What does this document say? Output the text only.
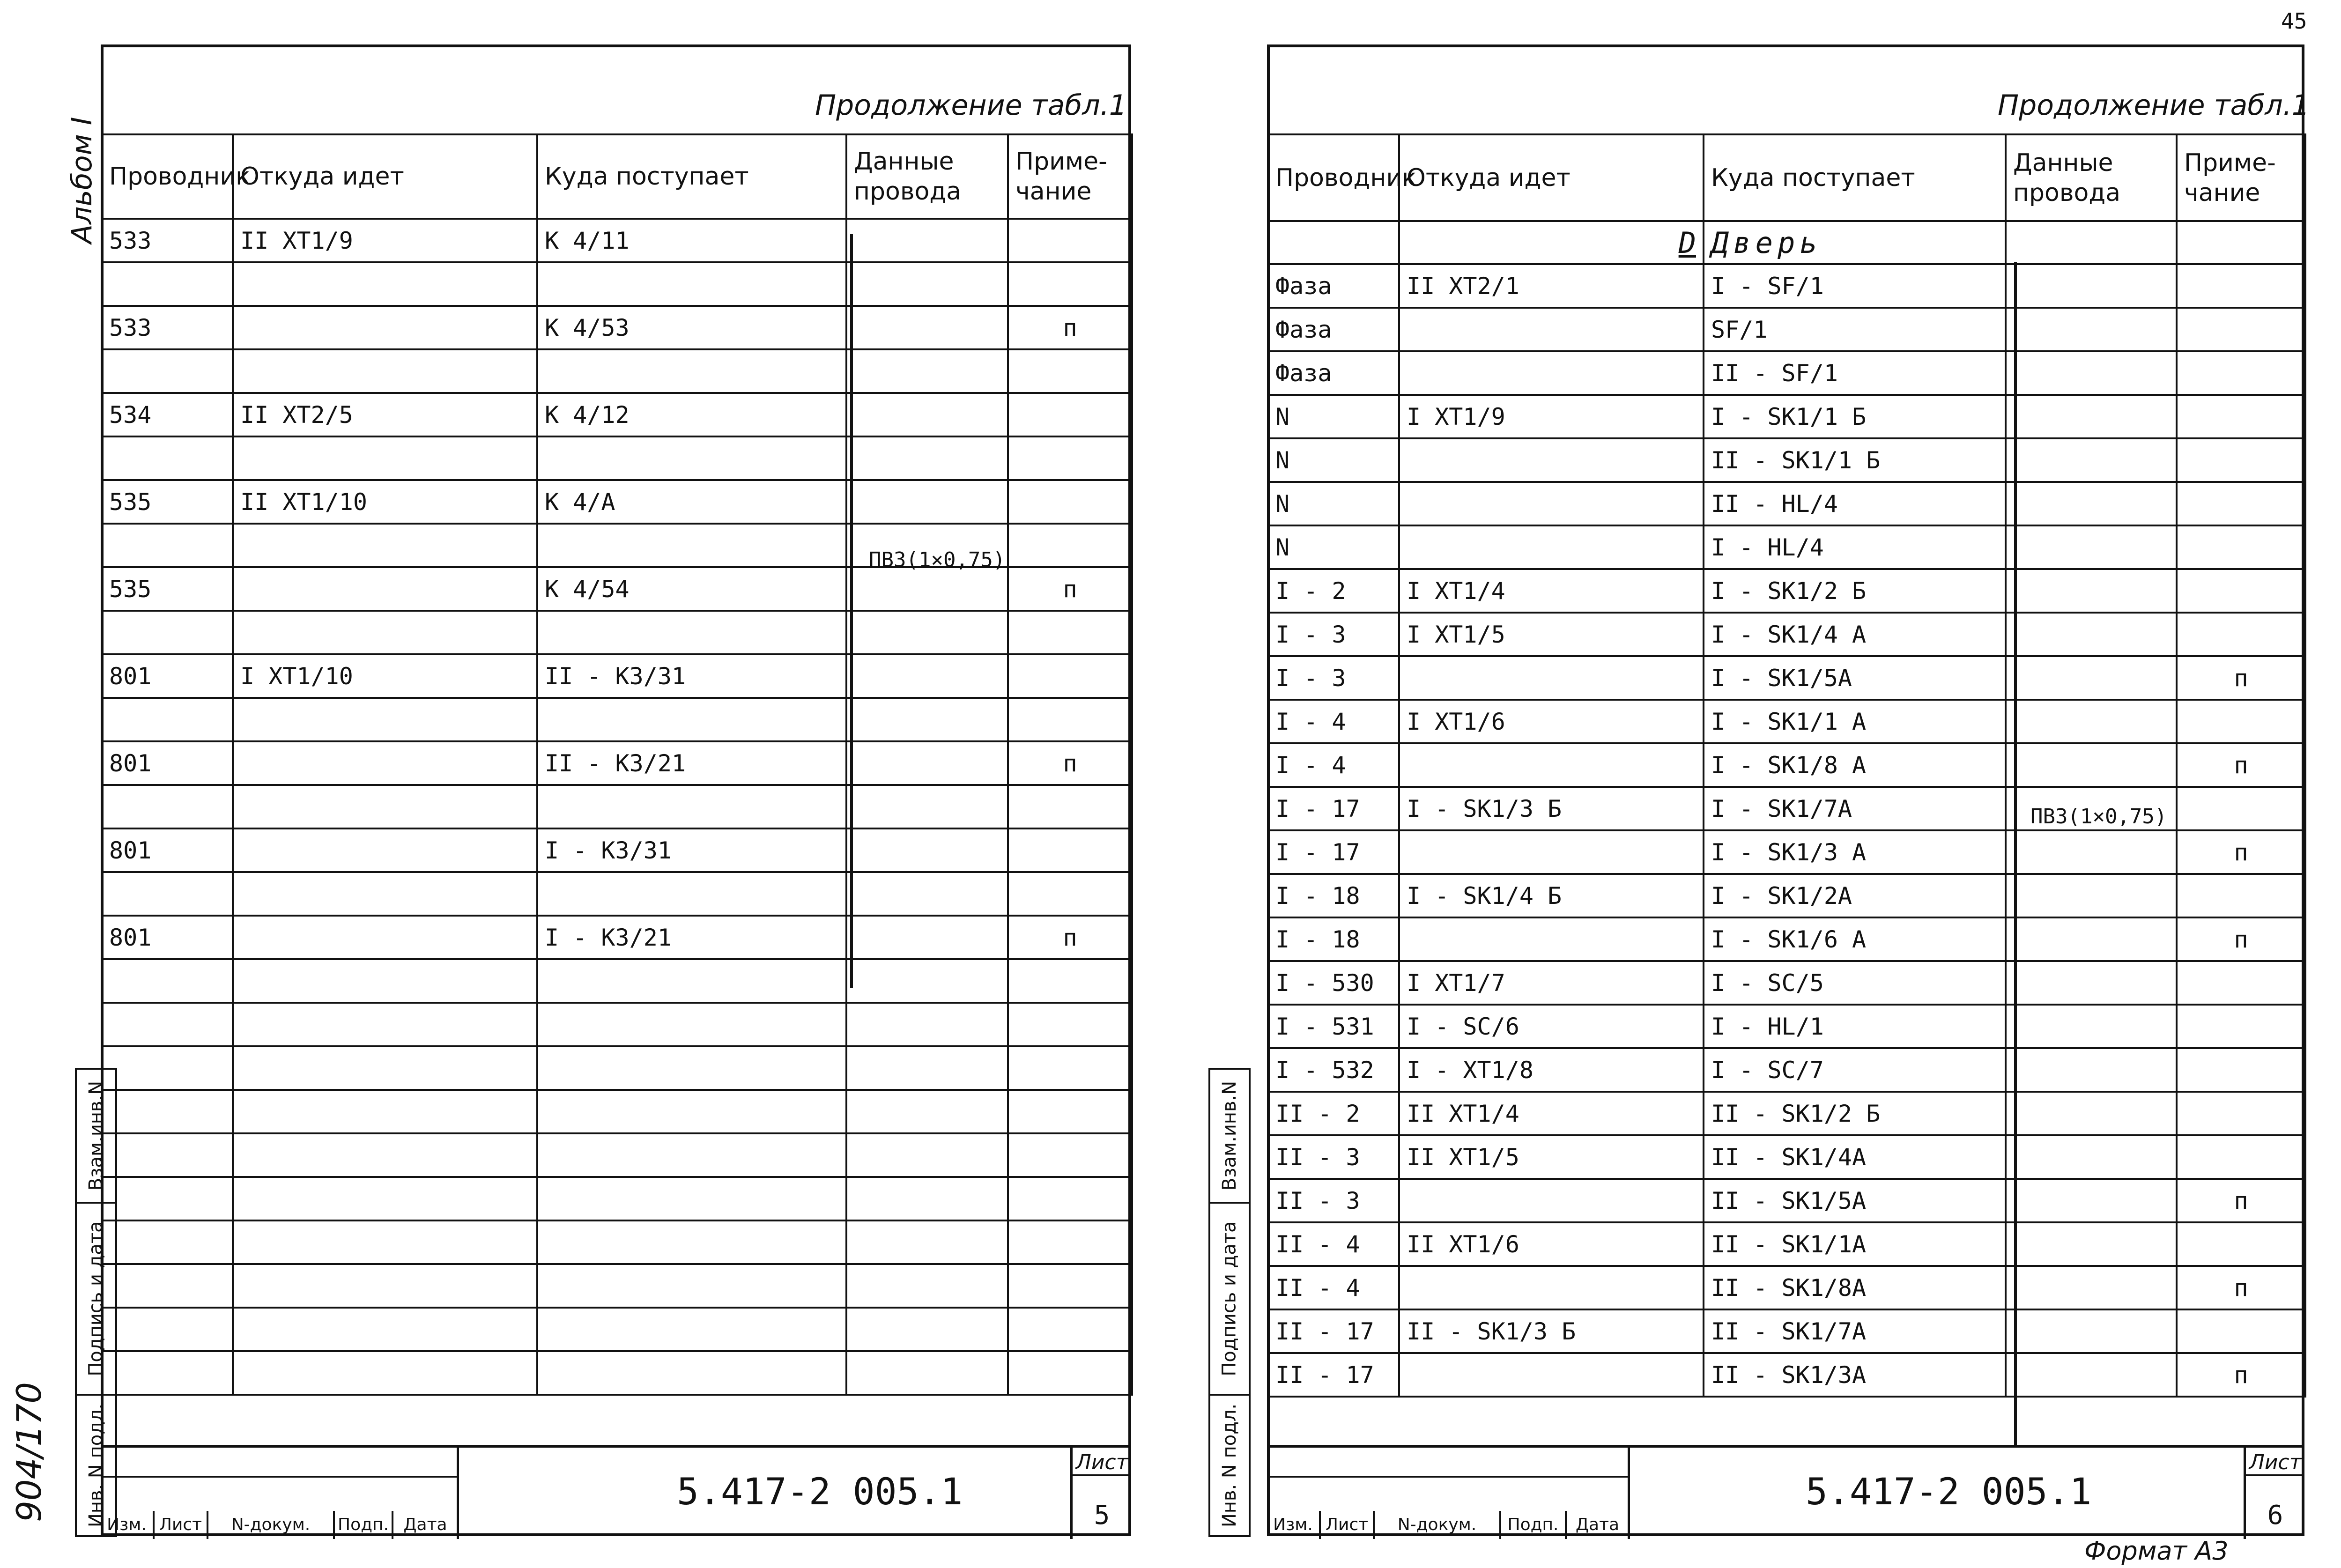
45
Формат А3
Альбом I
904/170
Продолжение табл.1
Проводник	Откуда идет	Куда поступает	Данные провода	Приме-чание
533	II XT1/9	К 4/11		

533		К 4/53		п

534	II XT2/5	К 4/12		

535	II XT1/10	К 4/А		

535		К 4/54		п

801	I XT1/10	II - К3/31		

801		II - К3/21		п

801		I - К3/31		

801		I - К3/21		п

ПВЗ(1×0,75)
Взам.инв.N
Подпись и дата
Инв. N подл. Изм. Лист	N-докум.	Подп. Дата
5.417-2 005.1
Лист
5
Продолжение табл.1
Проводник	Откуда идет	Куда поступает	Данные провода	Приме-чание
	D	Дверь		
Фаза	II XT2/1	I - SF/1		
Фаза		SF/1		
Фаза		II - SF/1		
N	I XT1/9	I - SK1/1 Б		
N		II - SK1/1 Б		
N		II - HL/4		
N		I - HL/4		
I - 2	I XT1/4	I - SK1/2 Б		
I - 3	I XT1/5	I - SK1/4 А		
I - 3		I - SK1/5А		п
I - 4	I XT1/6	I - SK1/1 А		
I - 4		I - SK1/8 А		п
I - 17	I - SK1/3 Б	I - SK1/7А		
I - 17		I - SK1/3 А		п
I - 18	I - SK1/4 Б	I - SK1/2А		
I - 18		I - SK1/6 А		п
I - 530	I XT1/7	I - SC/5		
I - 531	I - SC/6	I - HL/1		
I - 532	I - XT1/8	I - SC/7		
II - 2	II XT1/4	II - SK1/2 Б		
II - 3	II XT1/5	II - SK1/4А		
II - 3		II - SK1/5А		п
II - 4	II XT1/6	II - SK1/1А		
II - 4		II - SK1/8А		п
II - 17	II - SK1/3 Б	II - SK1/7А		
II - 17		II - SK1/3А		п
ПВЗ(1×0,75)
Взам.инв.N
Подпись и дата
Инв. N подл.	Изм. Лист	N-докум.	Подп.	Дата
5.417-2 005.1
Лист
6
